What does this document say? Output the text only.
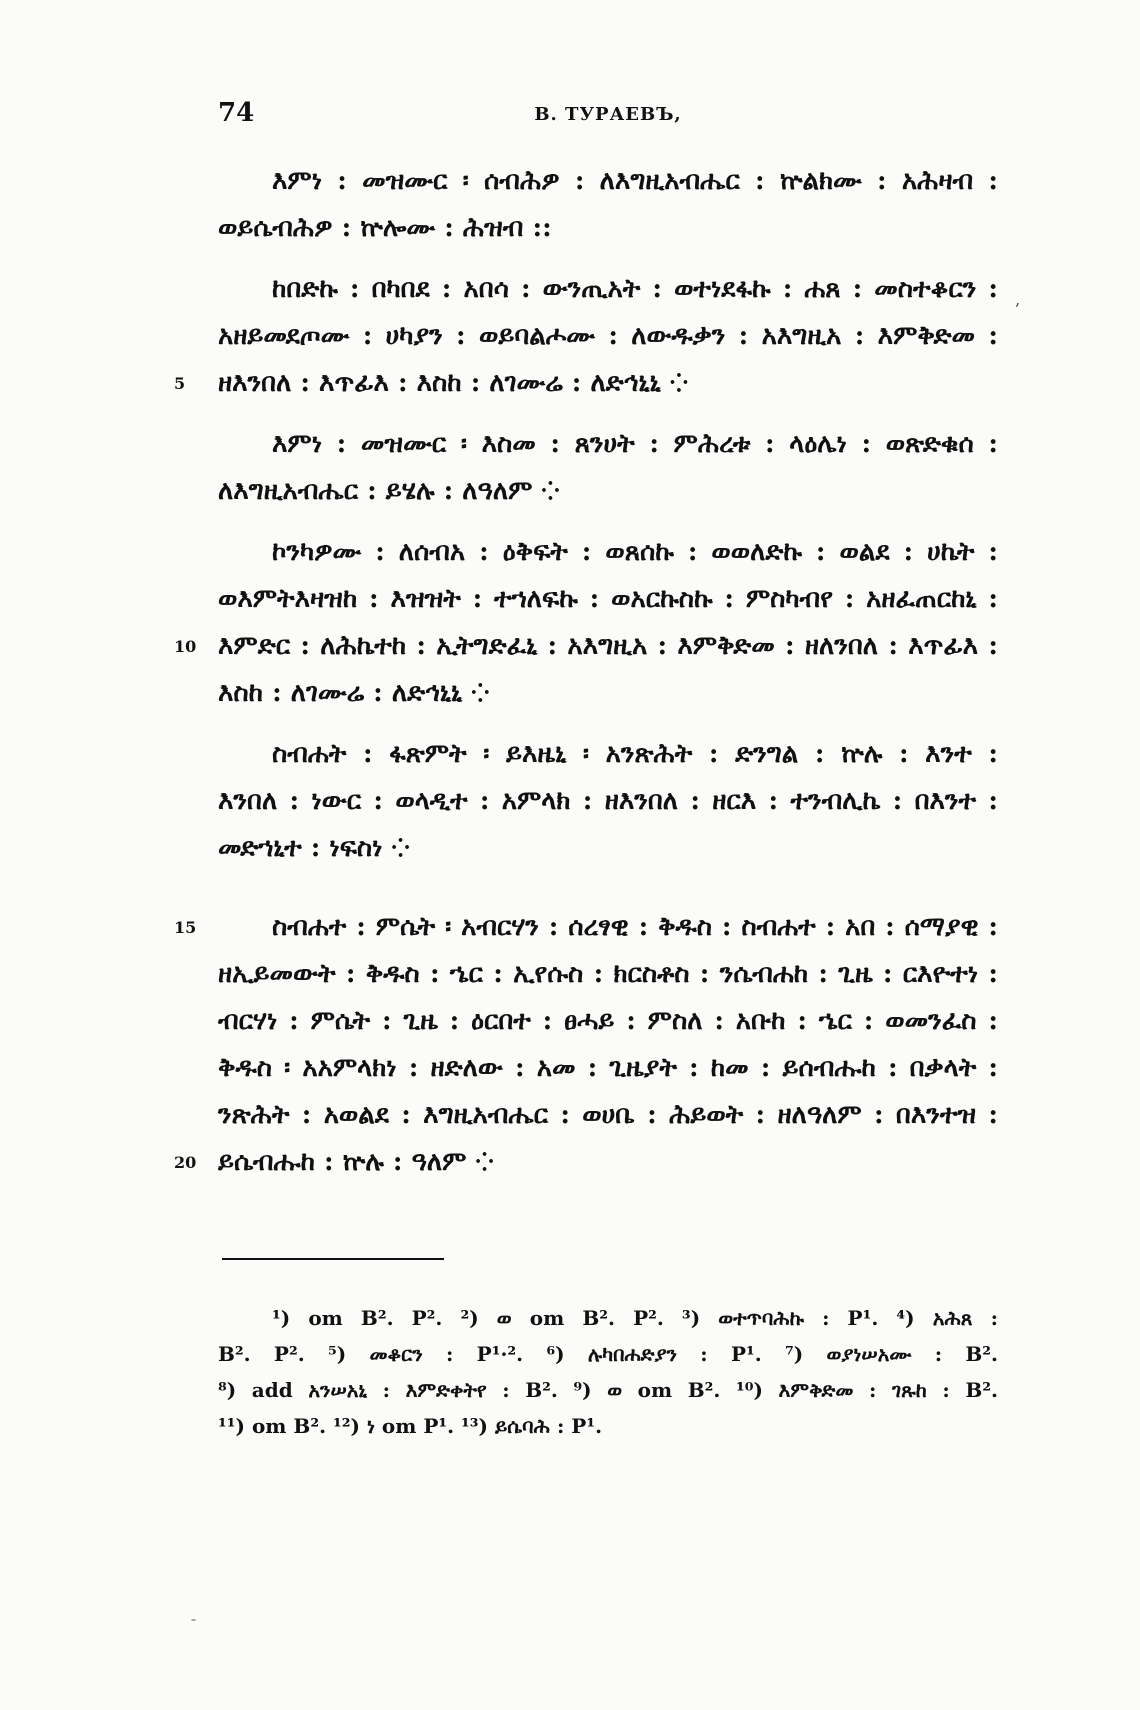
74	В. ТУРАЕВЪ,
እምነ : መዝሙር ፡ ሰብሕዎ : ለእግዚአብሔር : ኵልክሙ : አሕዛብ :
ወይሴብሕዎ : ኵሎሙ : ሕዝብ ::
ከበድኩ : በካበደ : አበሳ : ውንጢአት : ወተነደፋኩ : ሐጸ : መስተቆርን :
አዘይመደጦሙ : ሀካያን : ወይባልሖሙ : ለውዱቃን : አእግዚአ : እምቅድመ :
5	ዘእንበለ : እጥፊእ : እስከ : ለገሙሬ : ለድኅኒኒ ⁘
እምነ : መዝሙር ፡ እስመ : ጸንሀት : ምሕረቱ : ላዕሌነ : ወጽድቁሰ :
ለእግዚአብሔር : ይሄሉ : ለዓለም ⁘
ኮንካዎሙ : ለሰብአ : ዕቅፍት : ወጸሰኩ : ወወለድኩ : ወልደ : ሀኬት :
ወእምትእዛዝከ : እዝዝት : ተኀለፍኩ : ወአርኩስኩ : ምስካብየ : አዘፈጠርከኒ :
10 እምድር : ለሕኬተከ : ኢትግድፈኒ : አእግዚአ : እምቅድመ : ዘለንበለ : እጥፊእ :
እስከ : ለገሙሬ : ለድኅኒኒ ⁘
ስብሐት : ፋጽምት ፡ ይእዜኒ ፡ አንጽሕት : ድንግል : ኵሉ : እንተ :
እንበለ : ነውር : ወላዲተ : አምላክ : ዘእንበለ : ዘርእ : ተንብሊኬ : በእንተ :
መድኀኒተ : ነፍስነ ⁘
15	ስብሐተ : ምሴት ፡ አብርሃን : ሰረፃዊ : ቅዱስ : ስብሐተ : አበ : ሰማያዊ :
ዘኢይመውት : ቅዱስ : ኄር : ኢየሱስ : ክርስቶስ : ንሴብሐከ : ጊዜ : ርእዮተነ :
ብርሃነ : ምሴት : ጊዜ : ዕርበተ : ፀሓይ : ምስለ : አቡከ : ኄር : ወመንፈስ :
ቅዱስ ፡ አአምላክነ : ዘድለው : አመ : ጊዜያት : ከመ : ይሰብሑከ : በቃላት :
ንጽሕት : አወልደ : እግዚአብሔር : ወሀቤ : ሕይወት : ዘለዓለም : በእንተዝ :
20 ይሴብሑከ : ኵሉ : ዓለም ⁘
¹) om B². P². ²) ወ om B². P². ³) ወተጥባሕኩ : P¹. ⁴) አሕጸ :
B². P². ⁵) መቆርን : P¹·². ⁶) ሉካበሐድያን : P¹. ⁷) ወያነሠአሙ : B².
⁸) add አንሠአኒ : እምድቀትየ : B². ⁹) ወ om B². ¹⁰) እምቅድመ : ገጹከ : B².
¹¹) om B². ¹²) ነ om P¹. ¹³) ይሴባሕ : P¹.
‚
ˉ
